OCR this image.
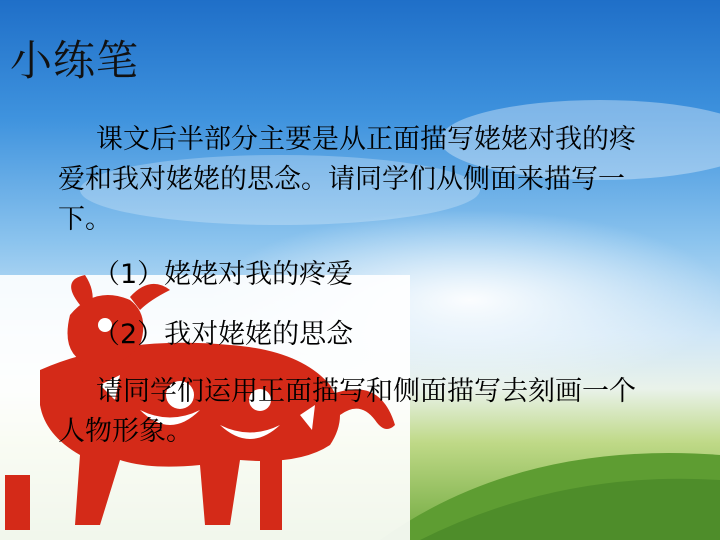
小练笔
课文后半部分主要是从正面描写姥姥对我的疼爱和我对姥姥的思念。请同学们从侧面来描写一下。
（1）姥姥对我的疼爱
（2）我对姥姥的思念
请同学们运用正面描写和侧面描写去刻画一个人物形象。
